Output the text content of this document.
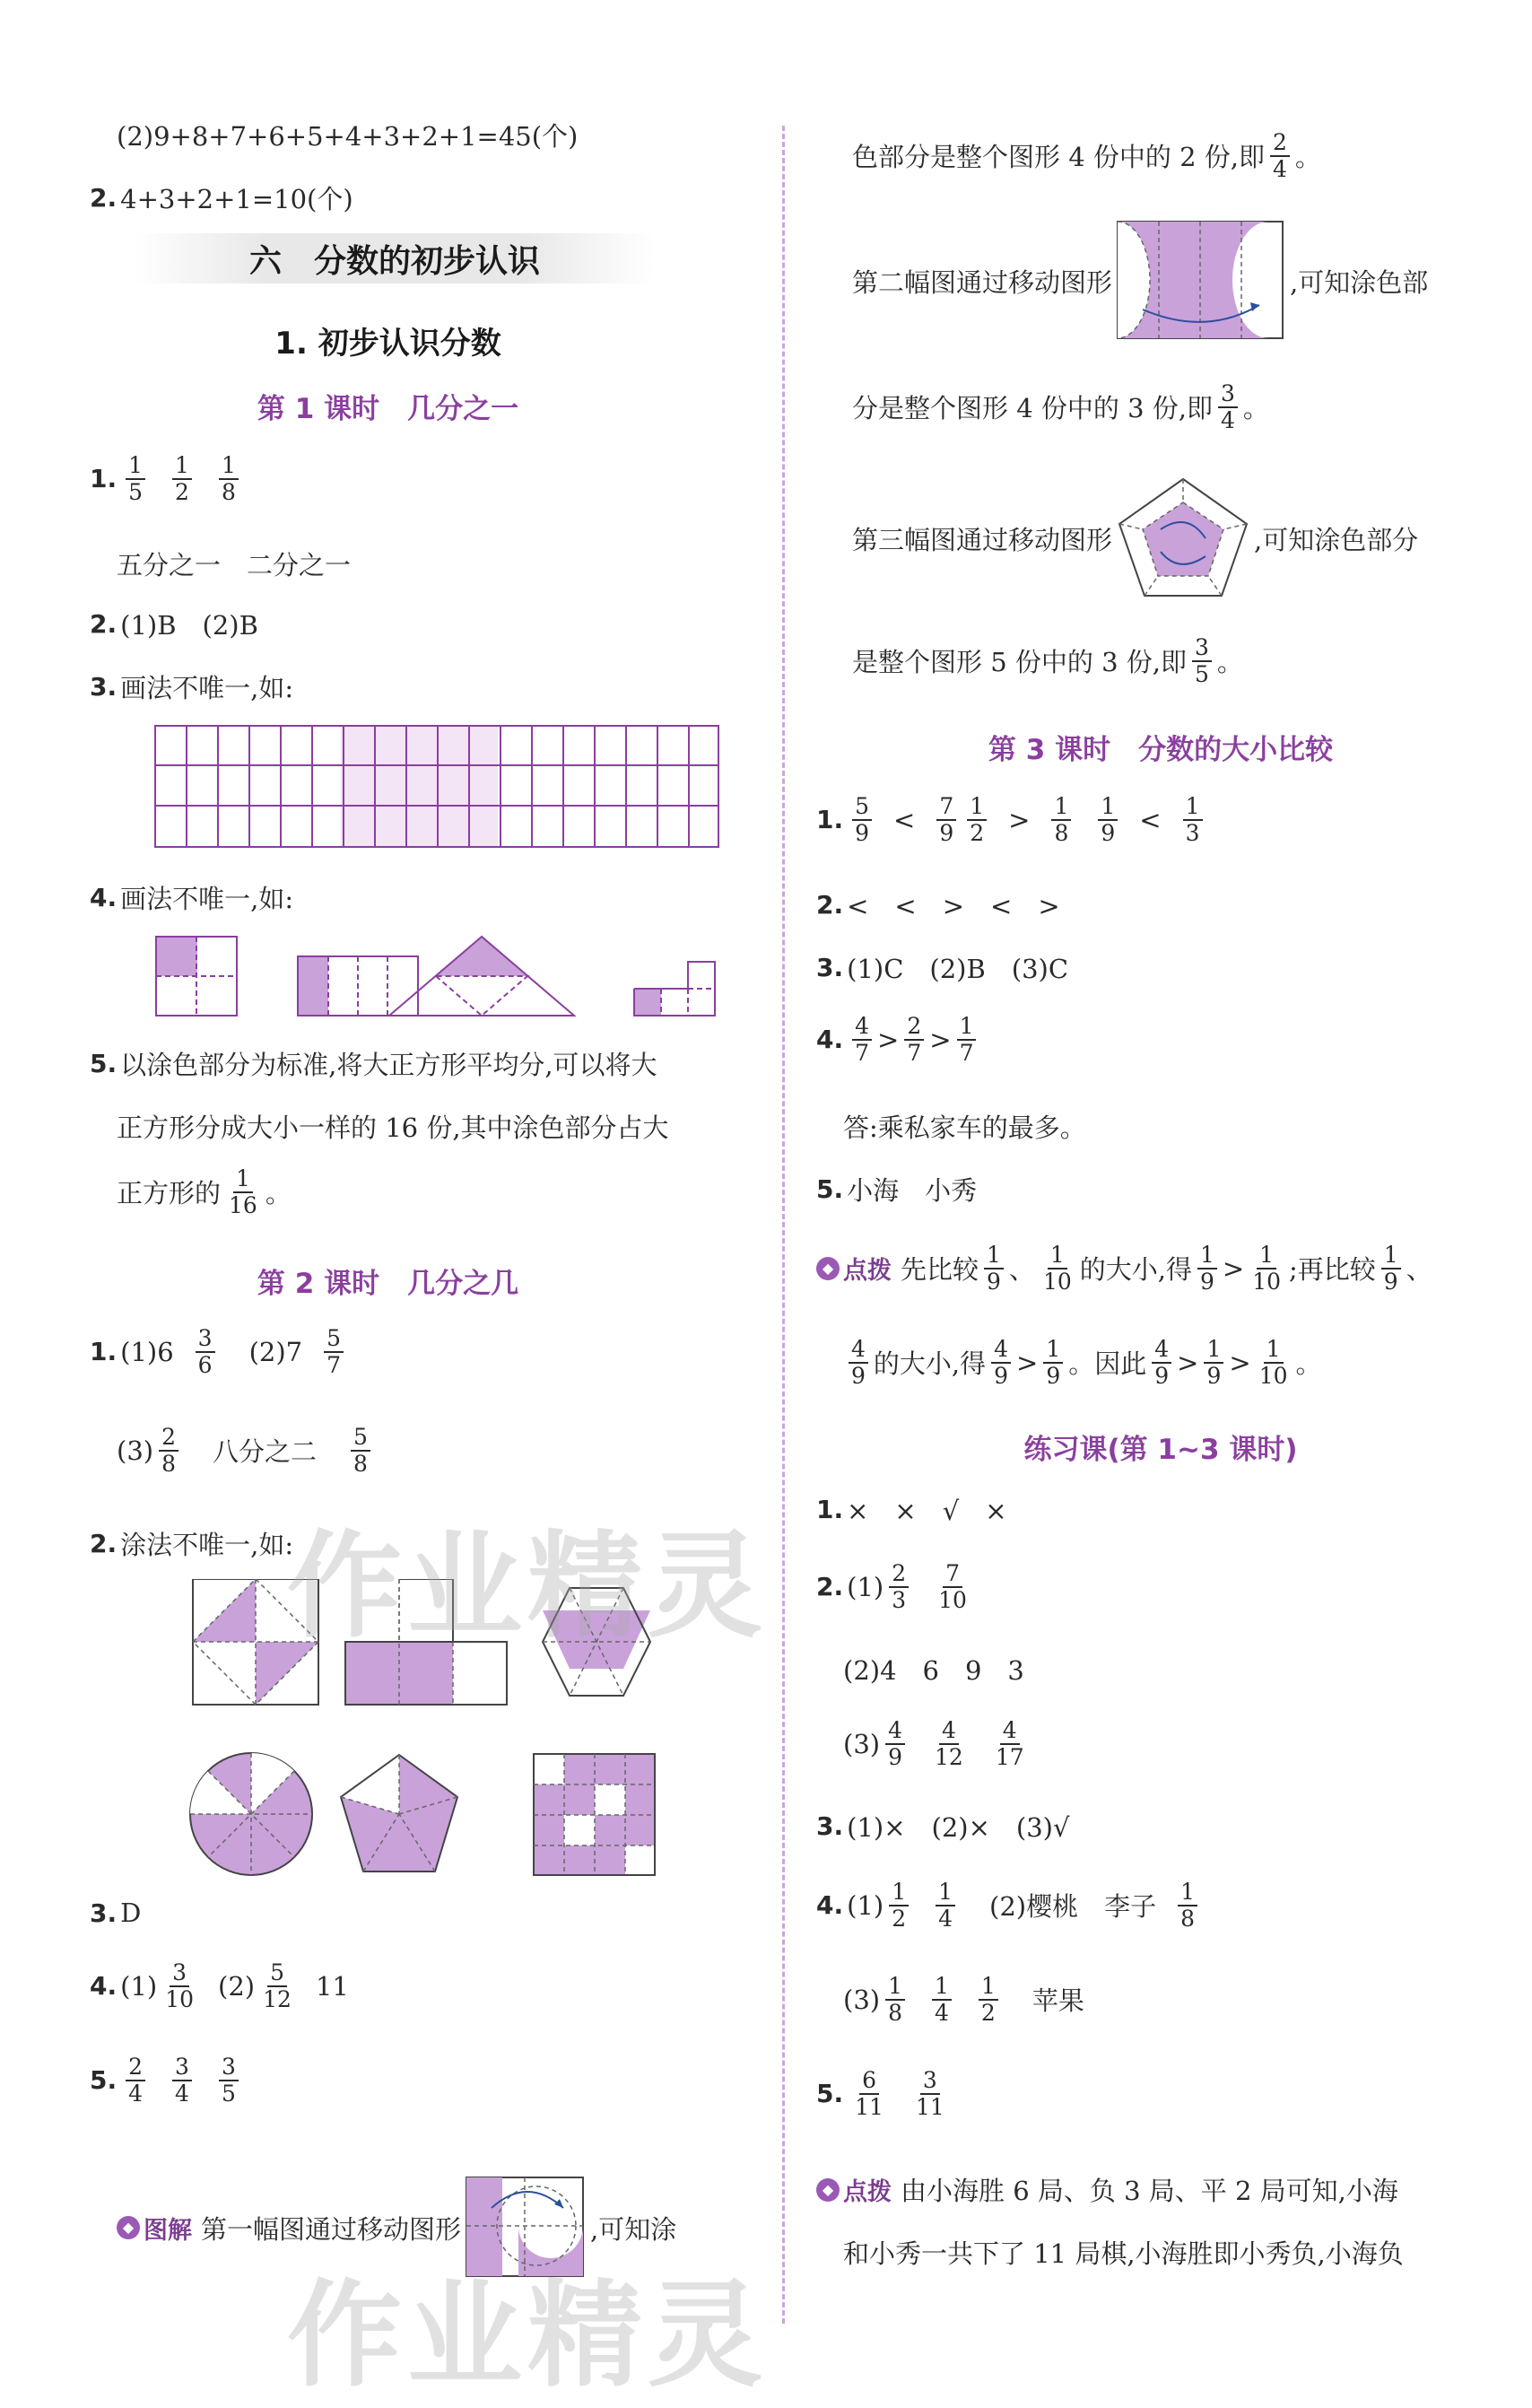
(2)9+8+7+6+5+4+3+2+1=45(个)
2. 4+3+2+1=10(个)
六　分数的初步认识
1. 初步认识分数
第 1 课时　几分之一
1. $\frac{1}{5} \frac{1}{2} \frac{1}{8}$
五分之一　二分之一
2. (1)B　(2)B
3. 画法不唯一,如:
4. 画法不唯一,如:
5. 以涂色部分为标准,将大正方形平均分,可以将大
正方形分成大小一样的 16 份,其中涂色部分占大
正方形的 $\frac{1}{16}$ 。
第 2 课时　几分之几
1. $(1)6 \frac{3}{6} (2)7 \frac{5}{7}$
$(3) \frac{2}{8}$ 八分之二 $\frac{5}{8}$
2. 涂法不唯一,如:
3. D
4. $(1) \frac{3}{10} (2) \frac{5}{12} 11$
5. $\frac{2}{4} \frac{3}{4} \frac{3}{5}$
◆ 图解 第一幅图通过移动图形	,可知涂
色部分是整个图形 4 份中的 2 份,即 $\frac{2}{4}$ 。
第二幅图通过移动图形	,可知涂色部
分是整个图形 4 份中的 3 份,即 $\frac{3}{4}$ 。
第三幅图通过移动图形	,可知涂色部分
是整个图形 5 份中的 3 份,即 $\frac{3}{5}$ 。
第 3 课时　分数的大小比较
1. $\frac{5}{9} < \frac{7}{9} \frac{1}{2} > \frac{1}{8} \frac{1}{9} < \frac{1}{3}$
2. <　<　>　<　>
3. (1)C　(2)B　(3)C
4. $\frac{4}{7} > \frac{2}{7} > \frac{1}{7}$
答:乘私家车的最多。
5. 小海　小秀
◆ 点拨 先比较 $\frac{1}{9}$ 、 $\frac{1}{10}$ 的大小,得 $\frac{1}{9} > \frac{1}{10}$ ;再比较 $\frac{1}{9}$ 、
$\frac{4}{9}$ 的大小,得 $\frac{4}{9} > \frac{1}{9}$ 。因此 $\frac{4}{9} > \frac{1}{9} > \frac{1}{10}$ 。
练习课(第 1~3 课时)
1. ×　×　√　×
2. $(1) \frac{2}{3} \frac{7}{10}$
(2)4　6　9　3
$(3) \frac{4}{9} \frac{4}{12} \frac{4}{17}$
3. (1)×　(2)×　(3)√
4. $(1) \frac{1}{2} \frac{1}{4} (2)$樱桃　李子 $\frac{1}{8}$
$(3) \frac{1}{8} \frac{1}{4} \frac{1}{2}$ 苹果
5. $\frac{6}{11} \frac{3}{11}$
◆ 点拨 由小海胜 6 局、负 3 局、平 2 局可知,小海
和小秀一共下了 11 局棋,小海胜即小秀负,小海负
作业精灵
作业精灵
